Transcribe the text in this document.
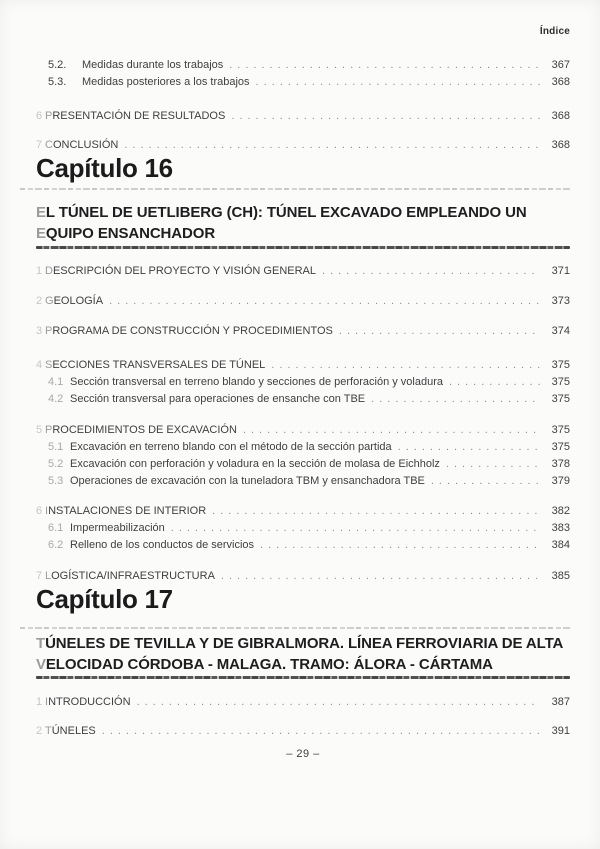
Índice
5.2.	Medidas durante los trabajos .....	367
5.3.	Medidas posteriores a los trabajos .....	368
6 PRESENTACIÓN DE RESULTADOS .....	368
7 CONCLUSIÓN .....	368
Capítulo 16
EL TÚNEL DE UETLIBERG (CH): TÚNEL EXCAVADO EMPLEANDO UN EQUIPO ENSANCHADOR
1 DESCRIPCIÓN DEL PROYECTO Y VISIÓN GENERAL .....	371
2 GEOLOGÍA .....	373
3 PROGRAMA DE CONSTRUCCIÓN Y PROCEDIMIENTOS .....	374
4 SECCIONES TRANSVERSALES DE TÚNEL .....	375
4.1 Sección transversal en terreno blando y secciones de perforación y voladura .....	375
4.2 Sección transversal para operaciones de ensanche con TBE .....	375
5 PROCEDIMIENTOS DE EXCAVACIÓN .....	375
5.1 Excavación en terreno blando con el método de la sección partida .....	375
5.2 Excavación con perforación y voladura en la sección de molasa de Eichholz .....	378
5.3 Operaciones de excavación con la tuneladora TBM y ensanchadora TBE .....	379
6 INSTALACIONES DE INTERIOR .....	382
6.1 Impermeabilización .....	383
6.2 Relleno de los conductos de servicios .....	384
7 LOGÍSTICA/INFRAESTRUCTURA .....	385
Capítulo 17
TÚNELES DE TEVILLA Y DE GIBRALMORA. LÍNEA FERROVIARIA DE ALTA VELOCIDAD CÓRDOBA - MALAGA. TRAMO: ÁLORA - CÁRTAMA
1 INTRODUCCIÓN .....	387
2 TÚNELES .....	391
– 29 –
